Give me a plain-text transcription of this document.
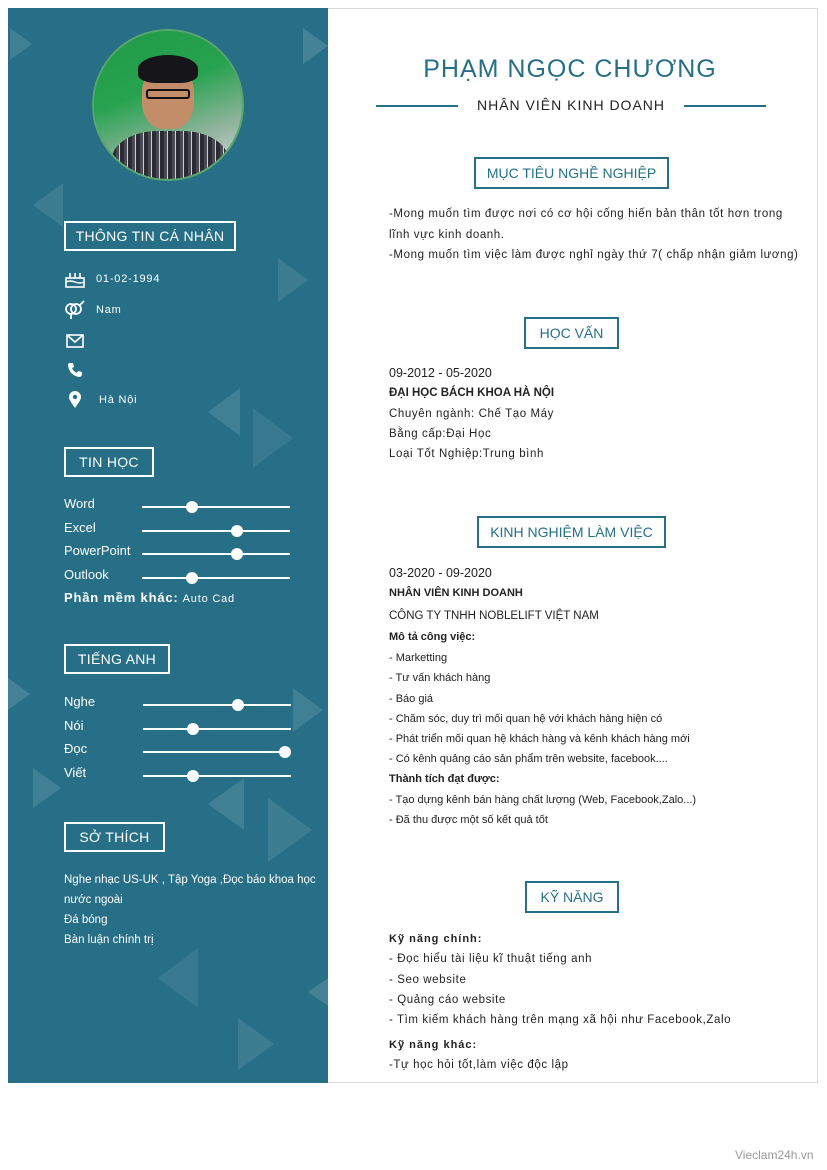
THÔNG TIN CÁ NHÂN
01-02-1994
Nam
Hà Nội
TIN HỌC
Word
Excel
PowerPoint
Outlook
Phần mềm khác: Auto Cad
TIẾNG ANH
Nghe
Nói
Đọc
Viết
SỞ THÍCH
Nghe nhạc US-UK , Tập Yoga ,Đọc báo khoa học
nước ngoài
Đá bóng
Bàn luận chính trị
PHẠM NGỌC CHƯƠNG
NHÂN VIÊN KINH DOANH
MỤC TIÊU NGHỀ NGHIỆP
-Mong muốn tìm được nơi có cơ hội cống hiến bản thân tốt hơn trong
lĩnh vực kinh doanh.
-Mong muốn tìm việc làm được nghỉ ngày thứ 7( chấp nhận giảm lương)
HỌC VẤN
09-2012 - 05-2020
ĐẠI HỌC BÁCH KHOA HÀ NỘI
Chuyên ngành: Chế Tạo Máy
Bằng cấp:Đại Học
Loại Tốt Nghiệp:Trung bình
KINH NGHIỆM LÀM VIỆC
03-2020 - 09-2020
NHÂN VIÊN KINH DOANH
CÔNG TY TNHH NOBLELIFT VIỆT NAM
Mô tả công việc:
- Marketting
- Tư vấn khách hàng
- Báo giá
- Chăm sóc, duy trì mối quan hệ với khách hàng hiện có
- Phát triển mối quan hệ khách hàng và kênh khách hàng mới
- Có kênh quảng cáo sản phẩm trên website, facebook....
Thành tích đạt được:
- Tạo dựng kênh bán hàng chất lượng (Web, Facebook,Zalo...)
- Đã thu được một số kết quả tốt
KỸ NĂNG
Kỹ năng chính:
- Đọc hiểu tài liệu kĩ thuật tiếng anh
- Seo website
- Quảng cáo website
- Tìm kiếm khách hàng trên mạng xã hội như Facebook,Zalo
Kỹ năng khác:
-Tự học hỏi tốt,làm việc độc lập
Vieclam24h.vn
